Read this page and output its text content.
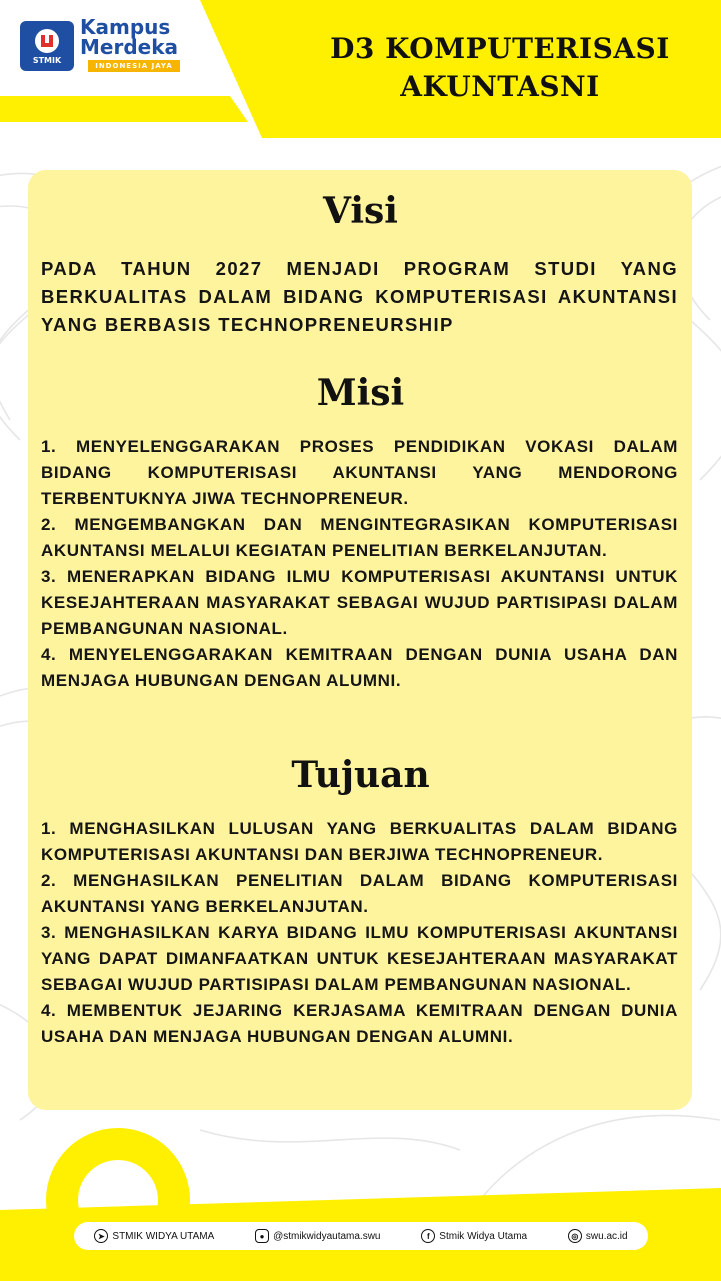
STMIK
Kampus
Merdeka
INDONESIA JAYA
D3 KOMPUTERISASI
AKUNTASNI
Visi

PADA TAHUN 2027 MENJADI PROGRAM STUDI YANG BERKUALITAS DALAM BIDANG KOMPUTERISASI AKUNTANSI YANG BERBASIS TECHNOPRENEURSHIP

Misi

1. MENYELENGGARAKAN PROSES PENDIDIKAN VOKASI DALAM BIDANG KOMPUTERISASI AKUNTANSI YANG MENDORONG TERBENTUKNYA JIWA TECHNOPRENEUR.

2. MENGEMBANGKAN DAN MENGINTEGRASIKAN KOMPUTERISASI AKUNTANSI MELALUI KEGIATAN PENELITIAN BERKELANJUTAN.

3. MENERAPKAN BIDANG ILMU KOMPUTERISASI AKUNTANSI UNTUK KESEJAHTERAAN MASYARAKAT SEBAGAI WUJUD PARTISIPASI DALAM PEMBANGUNAN NASIONAL.

4. MENYELENGGARAKAN KEMITRAAN DENGAN DUNIA USAHA DAN MENJAGA HUBUNGAN DENGAN ALUMNI.

Tujuan

1. MENGHASILKAN LULUSAN YANG BERKUALITAS DALAM BIDANG KOMPUTERISASI AKUNTANSI DAN BERJIWA TECHNOPRENEUR.

2. MENGHASILKAN PENELITIAN DALAM BIDANG KOMPUTERISASI AKUNTANSI YANG BERKELANJUTAN.

3. MENGHASILKAN KARYA BIDANG ILMU KOMPUTERISASI AKUNTANSI YANG DAPAT DIMANFAATKAN UNTUK KESEJAHTERAAN MASYARAKAT SEBAGAI WUJUD PARTISIPASI DALAM PEMBANGUNAN NASIONAL.

4. MEMBENTUK JEJARING KERJASAMA KEMITRAAN DENGAN DUNIA USAHA DAN MENJAGA HUBUNGAN DENGAN ALUMNI.

➤ STMIK WIDYA UTAMA	● @stmikwidyautama.swu	f Stmik Widya Utama	◎ swu.ac.id
